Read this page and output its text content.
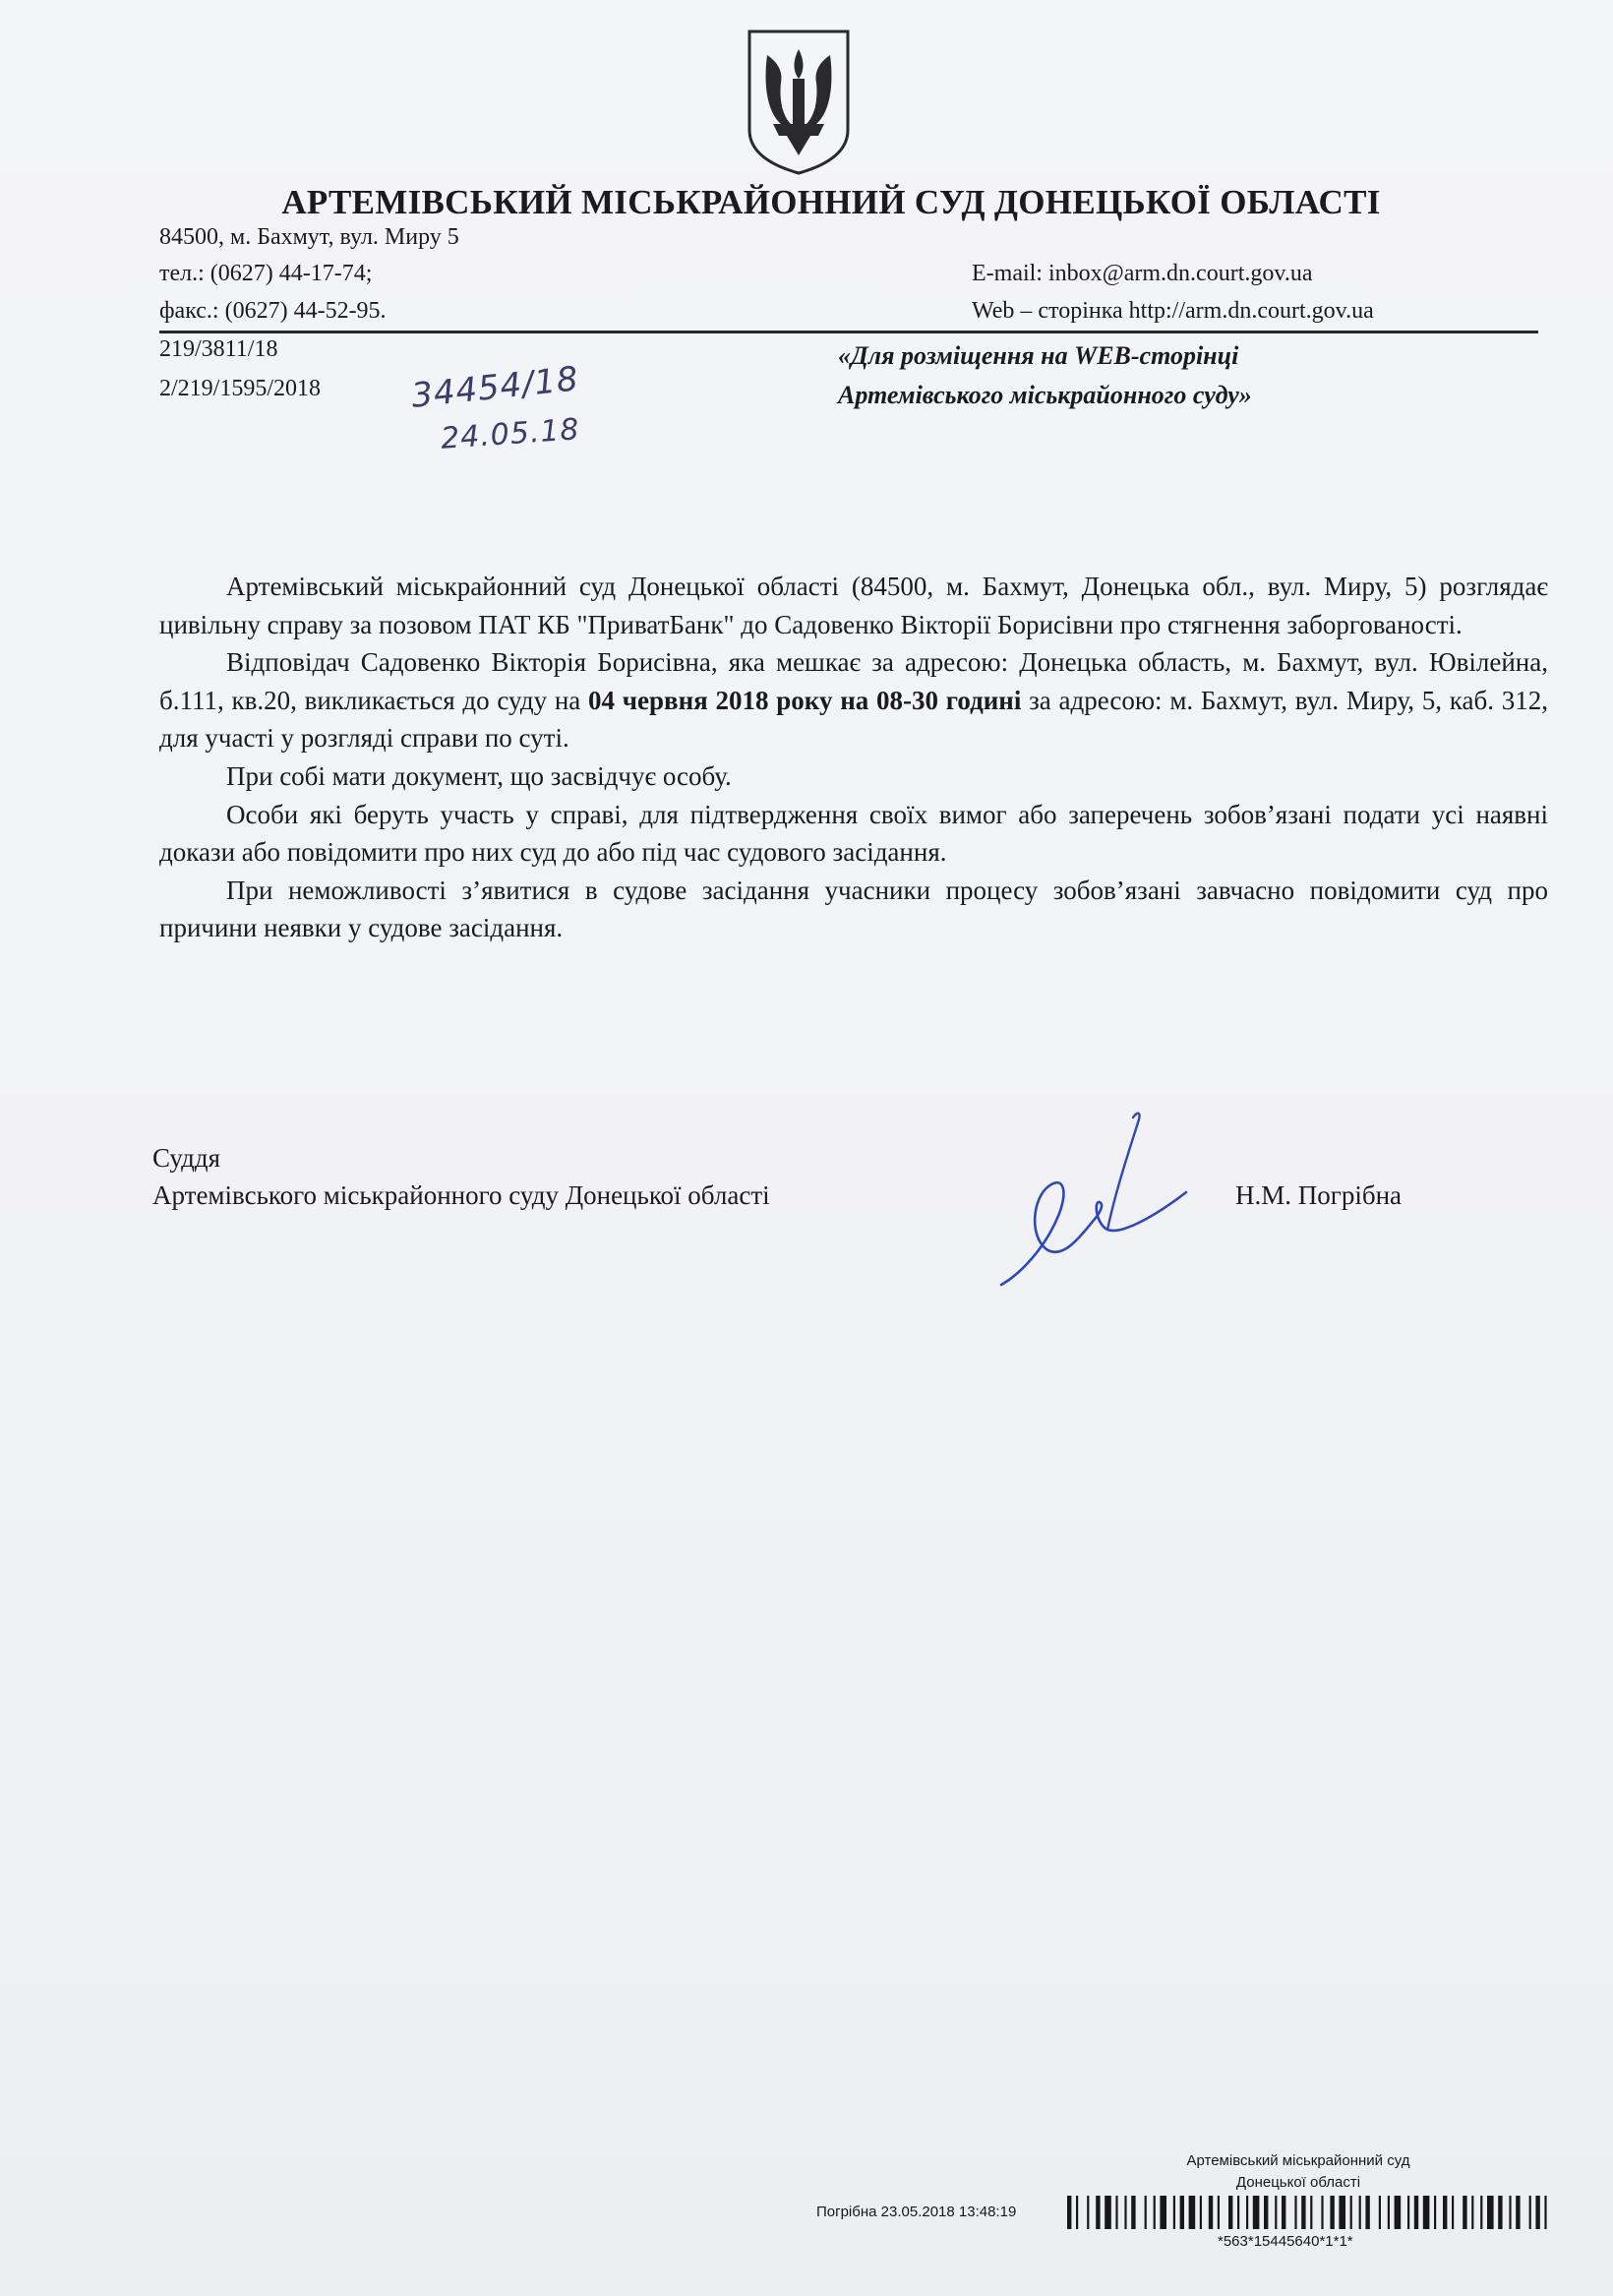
АРТЕМІВСЬКИЙ МІСЬКРАЙОННИЙ СУД ДОНЕЦЬКОЇ ОБЛАСТІ
84500, м. Бахмут, вул. Миру 5
тел.: (0627) 44-17-74;
факс.: (0627) 44-52-95.
E-mail: inbox@arm.dn.court.gov.ua
Web – сторінка http://arm.dn.court.gov.ua
219/3811/18
2/219/1595/2018	34454/18
24.05.18
«Для розміщення на WEB-сторінці
Артемівського міськрайонного суду»

Артемівський міськрайонний суд Донецької області (84500, м. Бахмут, Донецька обл., вул. Миру, 5) розглядає цивільну справу за позовом ПАТ КБ "ПриватБанк" до Садовенко Вікторії Борисівни про стягнення заборгованості.

Відповідач Садовенко Вікторія Борисівна, яка мешкає за адресою: Донецька область, м. Бахмут, вул. Ювілейна, б.111, кв.20, викликається до суду на 04 червня 2018 року на 08-30 годині за адресою: м. Бахмут, вул. Миру, 5, каб. 312, для участі у розгляді справи по суті.

При собі мати документ, що засвідчує особу.

Особи які беруть участь у справі, для підтвердження своїх вимог або заперечень зобов’язані подати усі наявні докази або повідомити про них суд до або під час судового засідання.

При неможливості з’явитися в судове засідання учасники процесу зобов’язані завчасно повідомити суд про причини неявки у судове засідання.

Суддя
Артемівського міськрайонного суду Донецької області	Н.М. Погрібна
Артемівський міськрайонний суд
Донецької області
Погрібна 23.05.2018 13:48:19
*563*15445640*1*1*
